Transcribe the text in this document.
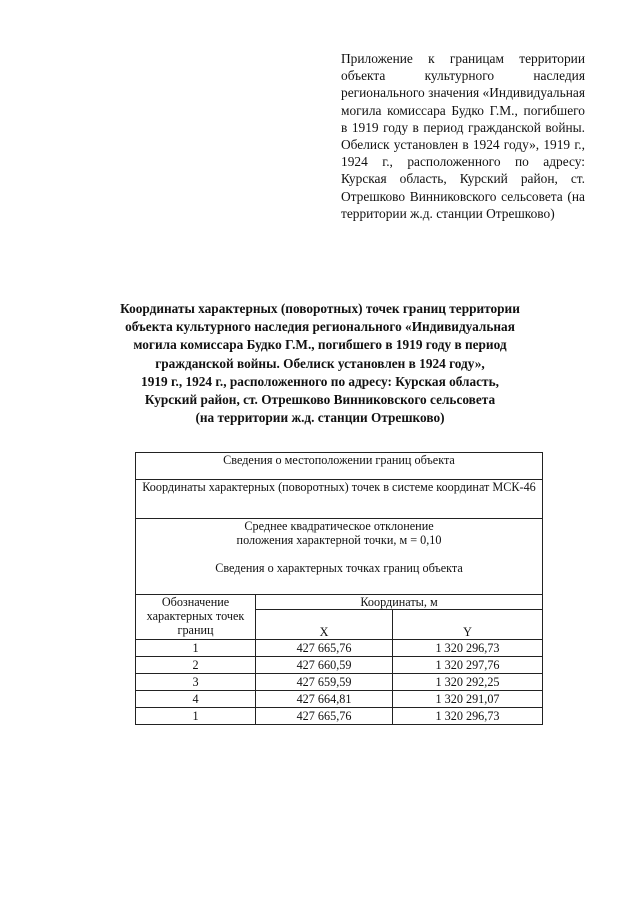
Приложение к границам территории объекта культурного наследия регионального значения «Индивидуальная могила комиссара Будко Г.М., погибшего в 1919 году в период гражданской войны. Обелиск установлен в 1924 году», 1919 г., 1924 г., расположенного по адресу: Курская область, Курский район, ст. Отрешково Винниковского сельсовета (на территории ж.д. станции Отрешково)
Координаты характерных (поворотных) точек границ территории
объекта культурного наследия регионального «Индивидуальная
могила комиссара Будко Г.М., погибшего в 1919 году в период
гражданской войны. Обелиск установлен в 1924 году»,
1919 г., 1924 г., расположенного по адресу: Курская область,
Курский район, ст. Отрешково Винниковского сельсовета
(на территории ж.д. станции Отрешково)
Сведения о местоположении границ объекта		
Координаты характерных (поворотных) точек в системе координат МСК-46		

Среднее квадратическое отклонение
положения характерной точки, м = 0,10
Сведения о характерных точках границ объекта		

Обозначение характерных точек границ	Координаты, м	
	X	Y
1	427 665,76	1 320 296,73
2	427 660,59	1 320 297,76
3	427 659,59	1 320 292,25
4	427 664,81	1 320 291,07
1	427 665,76	1 320 296,73
